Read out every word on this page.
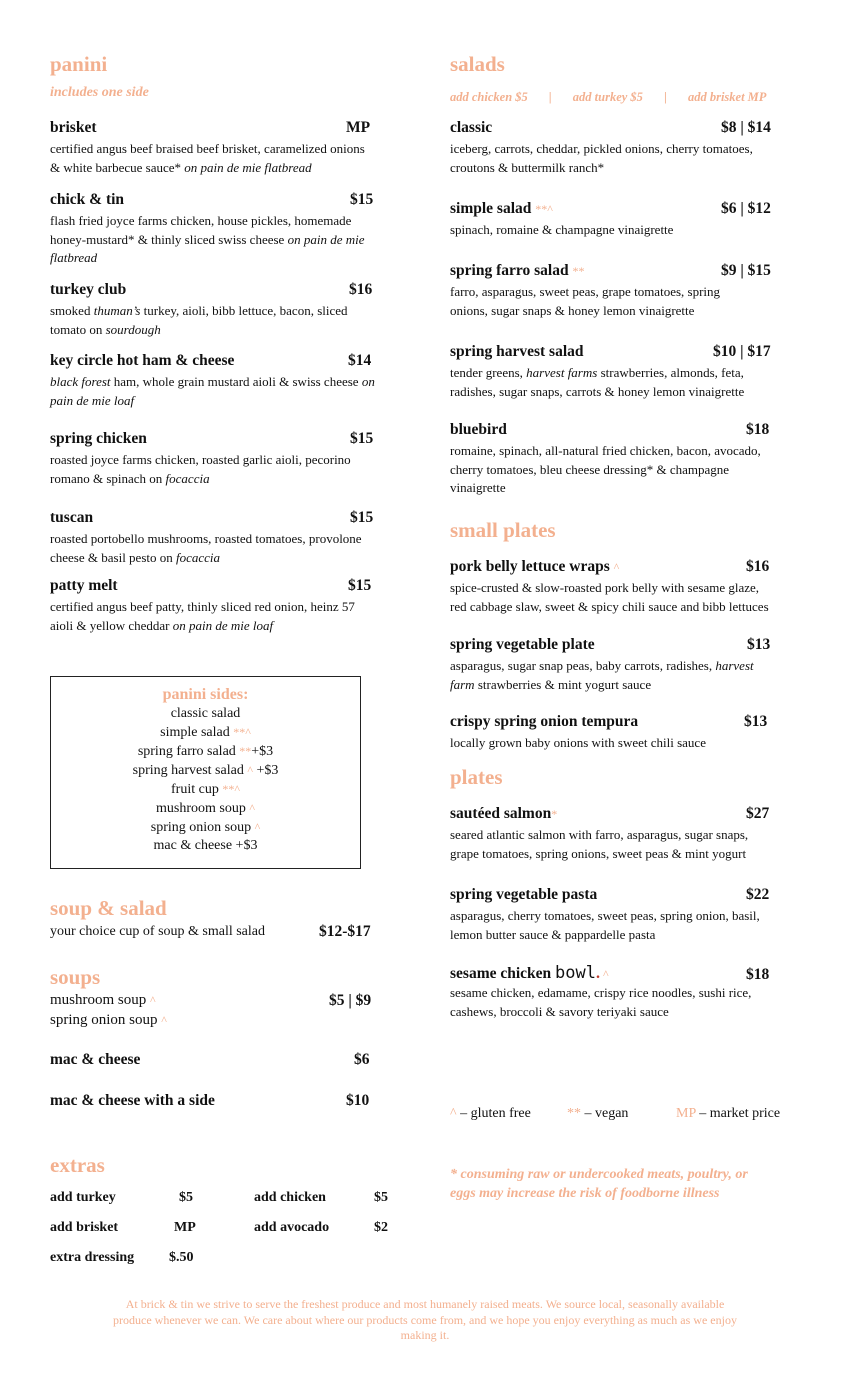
panini
includes one side
brisket	MP
certified angus beef braised beef brisket, caramelized onions
& white barbecue sauce* on pain de mie flatbread
chick & tin	$15
flash fried joyce farms chicken, house pickles, homemade
honey-mustard* & thinly sliced swiss cheese on pain de mie
flatbread
turkey club	$16
smoked thuman’s turkey, aioli, bibb lettuce, bacon, sliced
tomato on sourdough
key circle hot ham & cheese	$14
black forest ham, whole grain mustard aioli & swiss cheese on
pain de mie loaf
spring chicken	$15
roasted joyce farms chicken, roasted garlic aioli, pecorino
romano & spinach on focaccia
tuscan	$15
roasted portobello mushrooms, roasted tomatoes, provolone
cheese & basil pesto on focaccia
patty melt	$15
certified angus beef patty, thinly sliced red onion, heinz 57
aioli & yellow cheddar on pain de mie loaf
panini sides:
classic salad
simple salad **^
spring farro salad **+$3
spring harvest salad ^ +$3
fruit cup **^
mushroom soup ^
spring onion soup ^
mac & cheese +$3
soup & salad
your choice cup of soup & small salad	$12-$17
soups
mushroom soup ^	$5 | $9
spring onion soup ^
mac & cheese	$6
mac & cheese with a side	$10
extras
add turkey	$5	add chicken	$5
add brisket	MP	add avocado	$2
extra dressing $.50
salads
add chicken $5 | add turkey $5 | add brisket MP
classic	$8 | $14
iceberg, carrots, cheddar, pickled onions, cherry tomatoes,
croutons & buttermilk ranch*
simple salad **^	$6 | $12
spinach, romaine & champagne vinaigrette
spring farro salad **	$9 | $15
farro, asparagus, sweet peas, grape tomatoes, spring
onions, sugar snaps & honey lemon vinaigrette
spring harvest salad	$10 | $17
tender greens, harvest farms strawberries, almonds, feta,
radishes, sugar snaps, carrots & honey lemon vinaigrette
bluebird	$18
romaine, spinach, all-natural fried chicken, bacon, avocado,
cherry tomatoes, bleu cheese dressing* & champagne
vinaigrette
small plates
pork belly lettuce wraps ^	$16
spice-crusted & slow-roasted pork belly with sesame glaze,
red cabbage slaw, sweet & spicy chili sauce and bibb lettuces
spring vegetable plate	$13
asparagus, sugar snap peas, baby carrots, radishes, harvest
farm strawberries & mint yogurt sauce
crispy spring onion tempura	$13
locally grown baby onions with sweet chili sauce
plates
sautéed salmon*	$27
seared atlantic salmon with farro, asparagus, sugar snaps,
grape tomatoes, spring onions, sweet peas & mint yogurt
spring vegetable pasta	$22
asparagus, cherry tomatoes, sweet peas, spring onion, basil,
lemon butter sauce & pappardelle pasta
sesame chicken bowl. ^	$18
sesame chicken, edamame, crispy rice noodles, sushi rice,
cashews, broccoli & savory teriyaki sauce
^ – gluten free	** – vegan	MP – market price
* consuming raw or undercooked meats, poultry, or
eggs may increase the risk of foodborne illness
At brick & tin we strive to serve the freshest produce and most humanely raised meats. We source local, seasonally available
produce whenever we can. We care about where our products come from, and we hope you enjoy everything as much as we enjoy
making it.
